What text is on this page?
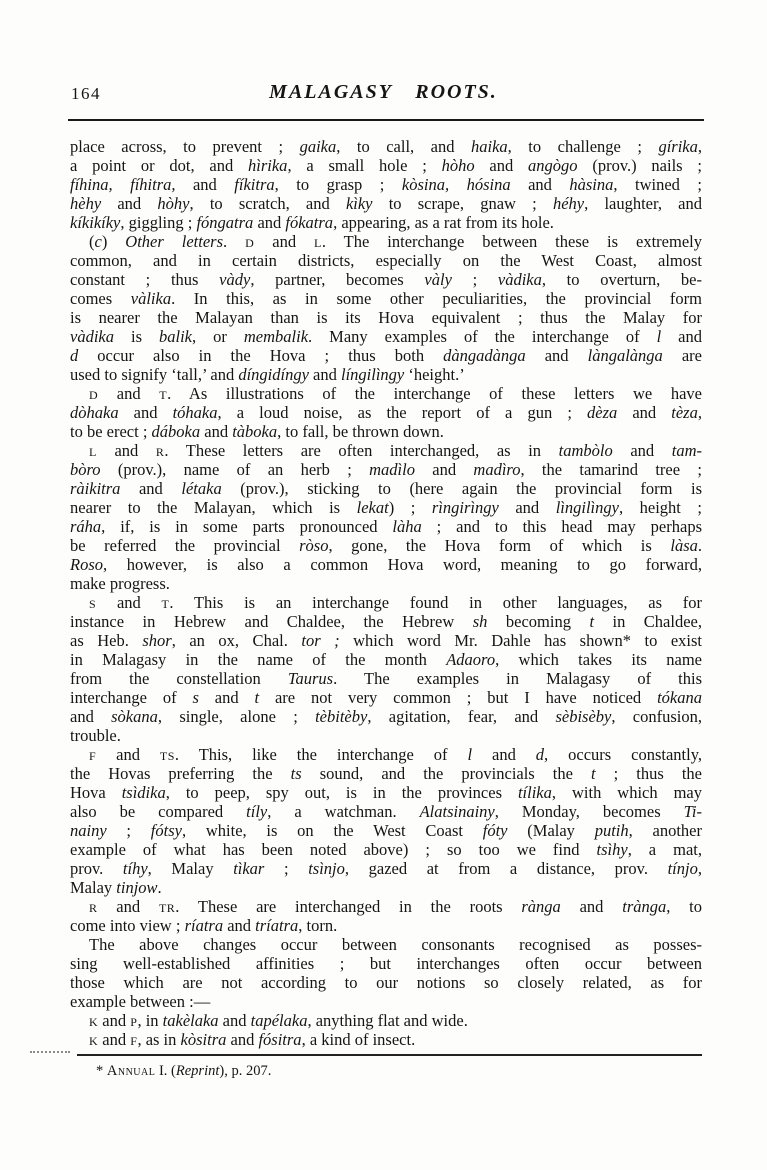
164	MALAGASY ROOTS.
place across, to prevent ; gaika, to call, and haika, to challenge ; gírika,
a point or dot, and hìrika, a small hole ; hòho and angògo (prov.) nails ;
fíhina, fíhitra, and fíkitra, to grasp ; kòsina, hósina and hàsina, twined ;
hèhy and hòhy, to scratch, and kìky to scrape, gnaw ; héhy, laughter, and
kíkikíky, giggling ; fóngatra and fókatra, appearing, as a rat from its hole.
(c) Other letters. d and l. The interchange between these is extremely
common, and in certain districts, especially on the West Coast, almost
constant ; thus vàdy, partner, becomes vàly ; vàdika, to overturn, be-
comes vàlika. In this, as in some other peculiarities, the provincial form
is nearer the Malayan than is its Hova equivalent ; thus the Malay for
vàdika is balik, or membalik. Many examples of the interchange of l and
d occur also in the Hova ; thus both dàngadànga and làngalànga are
used to signify ‘tall,’ and díngidíngy and língilìngy ‘height.’
d and t. As illustrations of the interchange of these letters we have
dòhaka and tóhaka, a loud noise, as the report of a gun ; dèza and tèza,
to be erect ; dáboka and tàboka, to fall, be thrown down.
l and r. These letters are often interchanged, as in tambòlo and tam-
bòro (prov.), name of an herb ; madìlo and madìro, the tamarind tree ;
ràikitra and létaka (prov.), sticking to (here again the provincial form is
nearer to the Malayan, which is lekat) ; rìngirìngy and lìngilìngy, height ;
ráha, if, is in some parts pronounced làha ; and to this head may perhaps
be referred the provincial ròso, gone, the Hova form of which is làsa.
Roso, however, is also a common Hova word, meaning to go forward,
make progress.
s and t. This is an interchange found in other languages, as for
instance in Hebrew and Chaldee, the Hebrew sh becoming t in Chaldee,
as Heb. shor, an ox, Chal. tor ; which word Mr. Dahle has shown* to exist
in Malagasy in the name of the month Adaoro, which takes its name
from the constellation Taurus. The examples in Malagasy of this
interchange of s and t are not very common ; but I have noticed tókana
and sòkana, single, alone ; tèbitèby, agitation, fear, and sèbisèby, confusion,
trouble.
f and ts. This, like the interchange of l and d, occurs constantly,
the Hovas preferring the ts sound, and the provincials the t ; thus the
Hova tsìdika, to peep, spy out, is in the provinces tílika, with which may
also be compared tíly, a watchman. Alatsinainy, Monday, becomes Ti-
nainy ; fótsy, white, is on the West Coast fóty (Malay putih, another
example of what has been noted above) ; so too we find tsìhy, a mat,
prov. tíhy, Malay tìkar ; tsìnjo, gazed at from a distance, prov. tínjo,
Malay tinjow.
r and tr. These are interchanged in the roots rànga and trànga, to
come into view ; ríatra and tríatra, torn.
The above changes occur between consonants recognised as posses-
sing well-established affinities ; but interchanges often occur between
those which are not according to our notions so closely related, as for
example between :—
k and p, in takèlaka and tapélaka, anything flat and wide.
k and f, as in kòsitra and fósitra, a kind of insect.
* Annual I. (Reprint), p. 207.
